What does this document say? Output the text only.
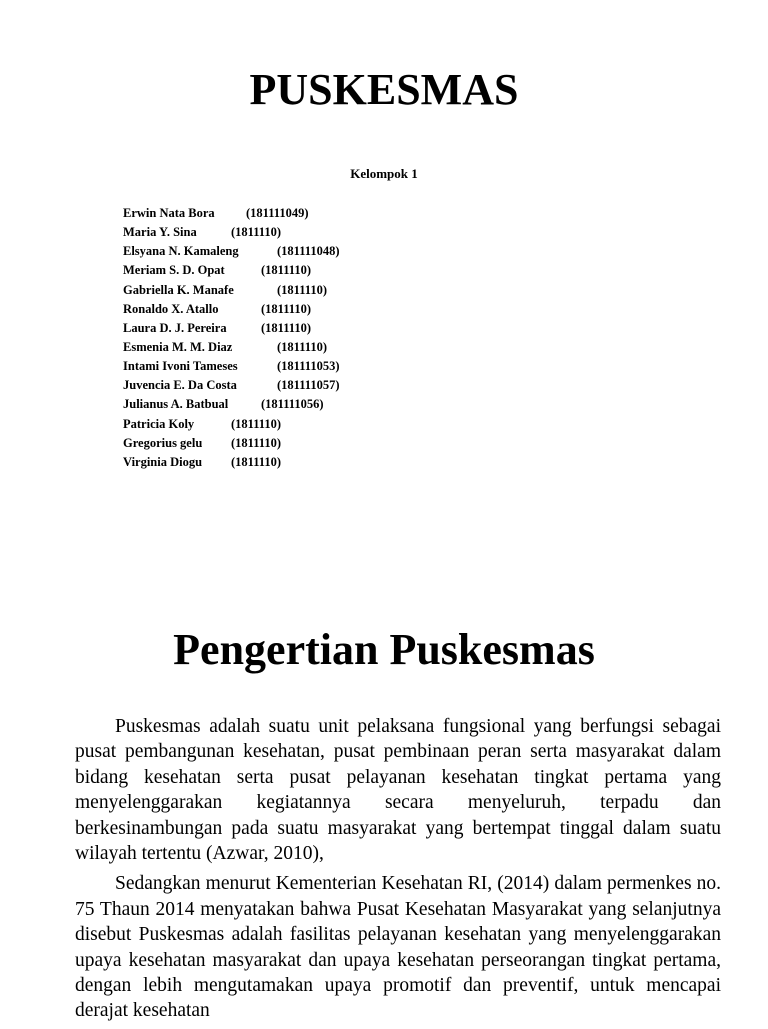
PUSKESMAS
Kelompok 1
Erwin Nata Bora	(181111049)
Maria Y. Sina	(1811110)
Elsyana N. Kamaleng	(181111048)
Meriam S. D. Opat	(1811110)
Gabriella K. Manafe	(1811110)
Ronaldo X. Atallo	(1811110)
Laura D. J. Pereira	(1811110)
Esmenia M. M. Diaz	(1811110)
Intami Ivoni Tameses	(181111053)
Juvencia E. Da Costa	(181111057)
Julianus A. Batbual	(181111056)
Patricia Koly	(1811110)
Gregorius gelu (1811110)
Virginia Diogu (1811110)
Pengertian Puskesmas

Puskesmas adalah suatu unit pelaksana fungsional yang berfungsi sebagai pusat pembangunan kesehatan, pusat pembinaan peran serta masyarakat dalam bidang kesehatan serta pusat pelayanan kesehatan tingkat pertama yang menyelenggarakan kegiatannya secara menyeluruh, terpadu dan berkesinambungan pada suatu masyarakat yang bertempat tinggal dalam suatu wilayah tertentu (Azwar, 2010),

Sedangkan menurut Kementerian Kesehatan RI, (2014) dalam permenkes no. 75 Thaun 2014 menyatakan bahwa Pusat Kesehatan Masyarakat yang selanjutnya disebut Puskesmas adalah fasilitas pelayanan kesehatan yang menyelenggarakan upaya kesehatan masyarakat dan upaya kesehatan perseorangan tingkat pertama, dengan lebih mengutamakan upaya promotif dan preventif, untuk mencapai derajat kesehatan
